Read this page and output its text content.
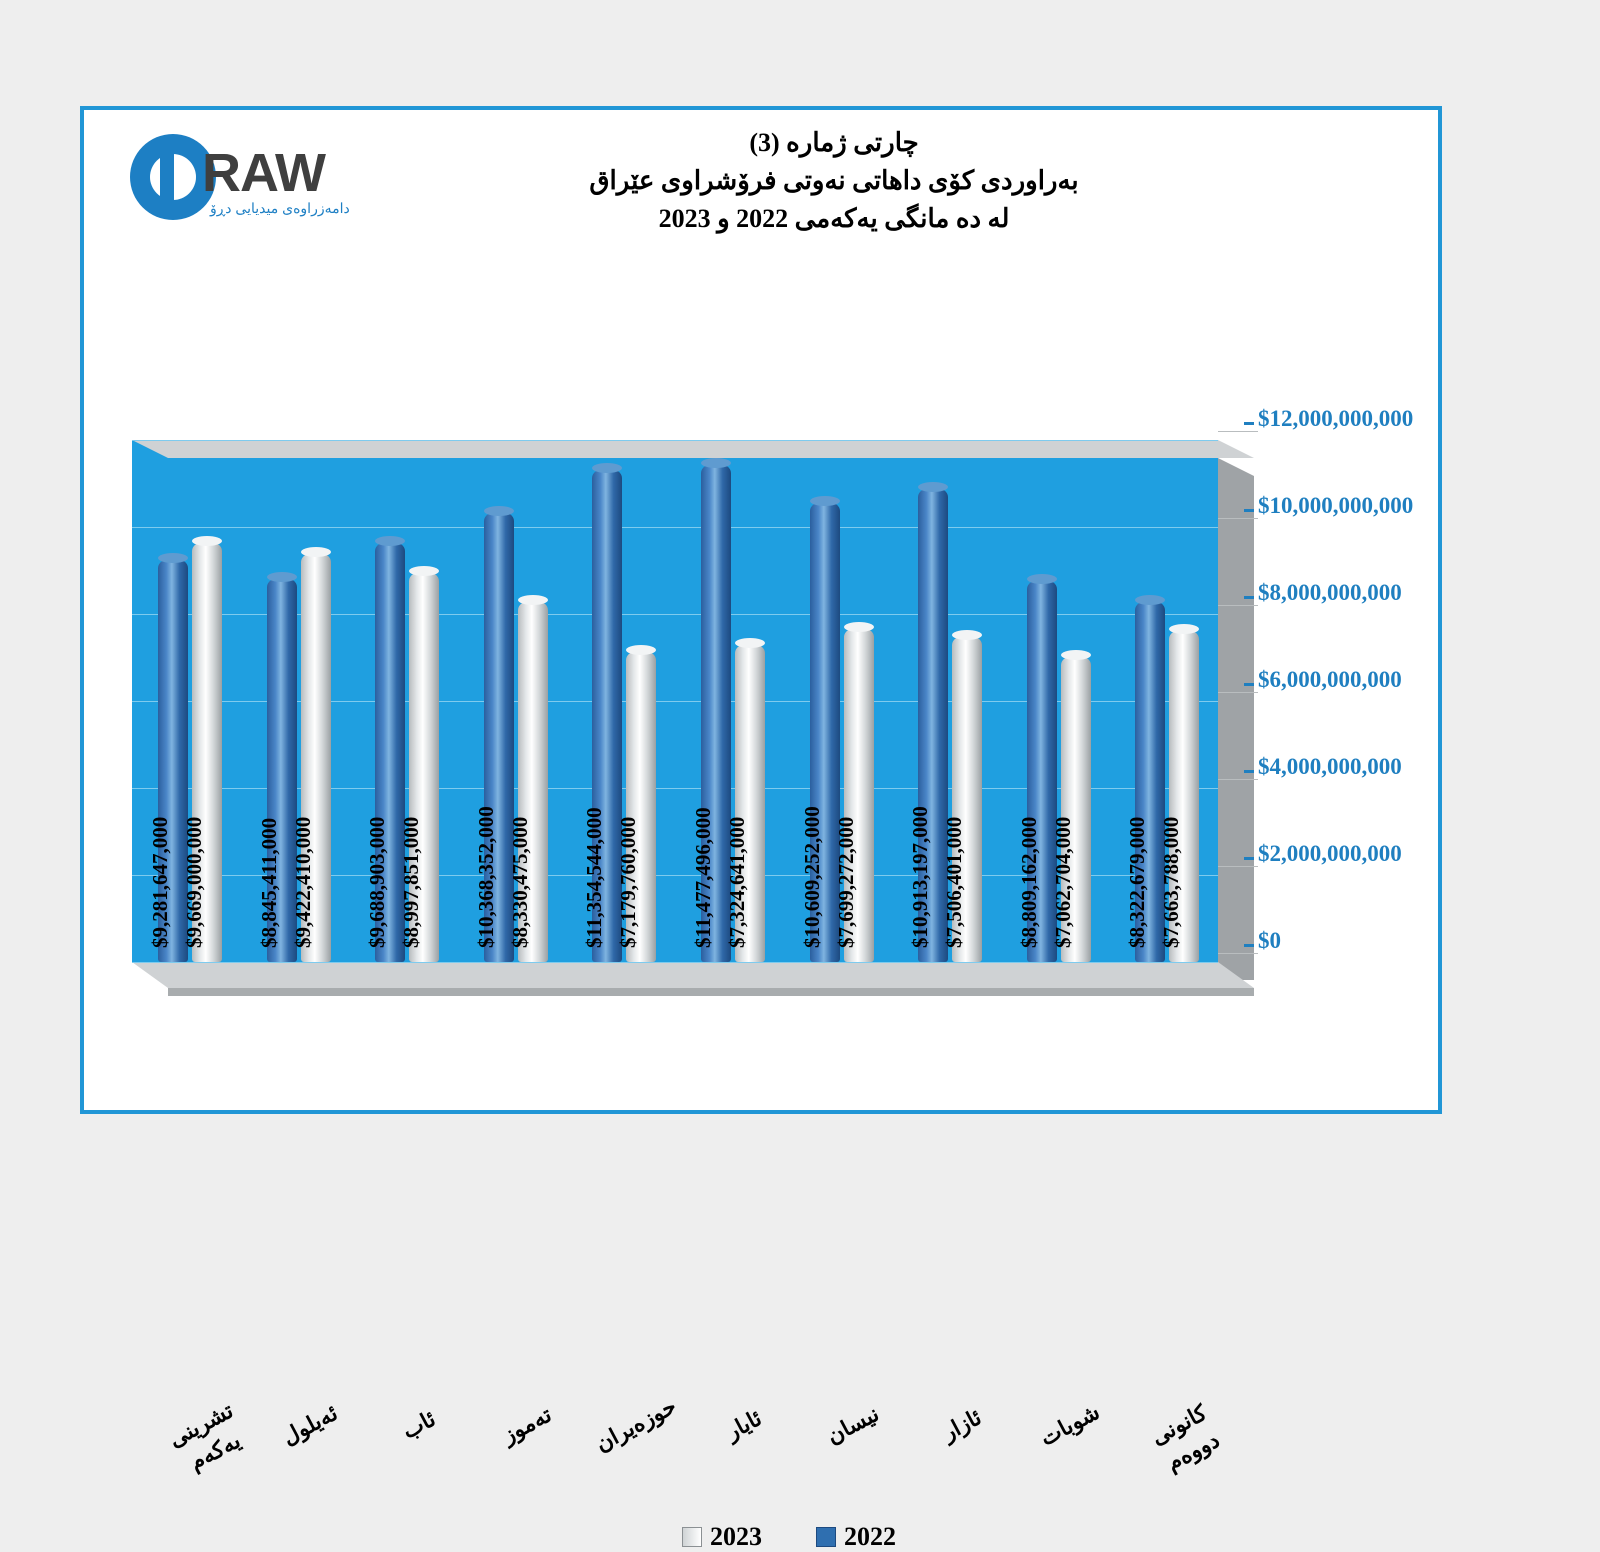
RAW
دامەزراوەی میدیایی دڕۆ
چارتی ژمارە (3)
بەراوردی کۆی داهاتی نەوتی فرۆشراوی عێراق
لە دە مانگی یەکەمی 2022 و 2023
$9,281,647,000 $9,669,000,000 $8,845,411,000 $9,422,410,000 $9,688,903,000 $8,997,851,000 $10,368,352,000 $8,330,475,000 $11,354,544,000 $7,179,760,000 $11,477,496,000 $7,324,641,000 $10,609,252,000 $7,699,272,000 $10,913,197,000 $7,506,401,000 $8,809,162,000 $7,062,704,000 $8,322,679,000 $7,663,788,000	$0
$2,000,000,000
$4,000,000,000
$6,000,000,000
$8,000,000,000
$10,000,000,000
$12,000,000,000
تشرینی یەکەم
ئەیلول	ئاب	تەموز	حوزەیران	ئایار	نیسان	ئازار	شوبات	کانونی دووەم
2023	2022
